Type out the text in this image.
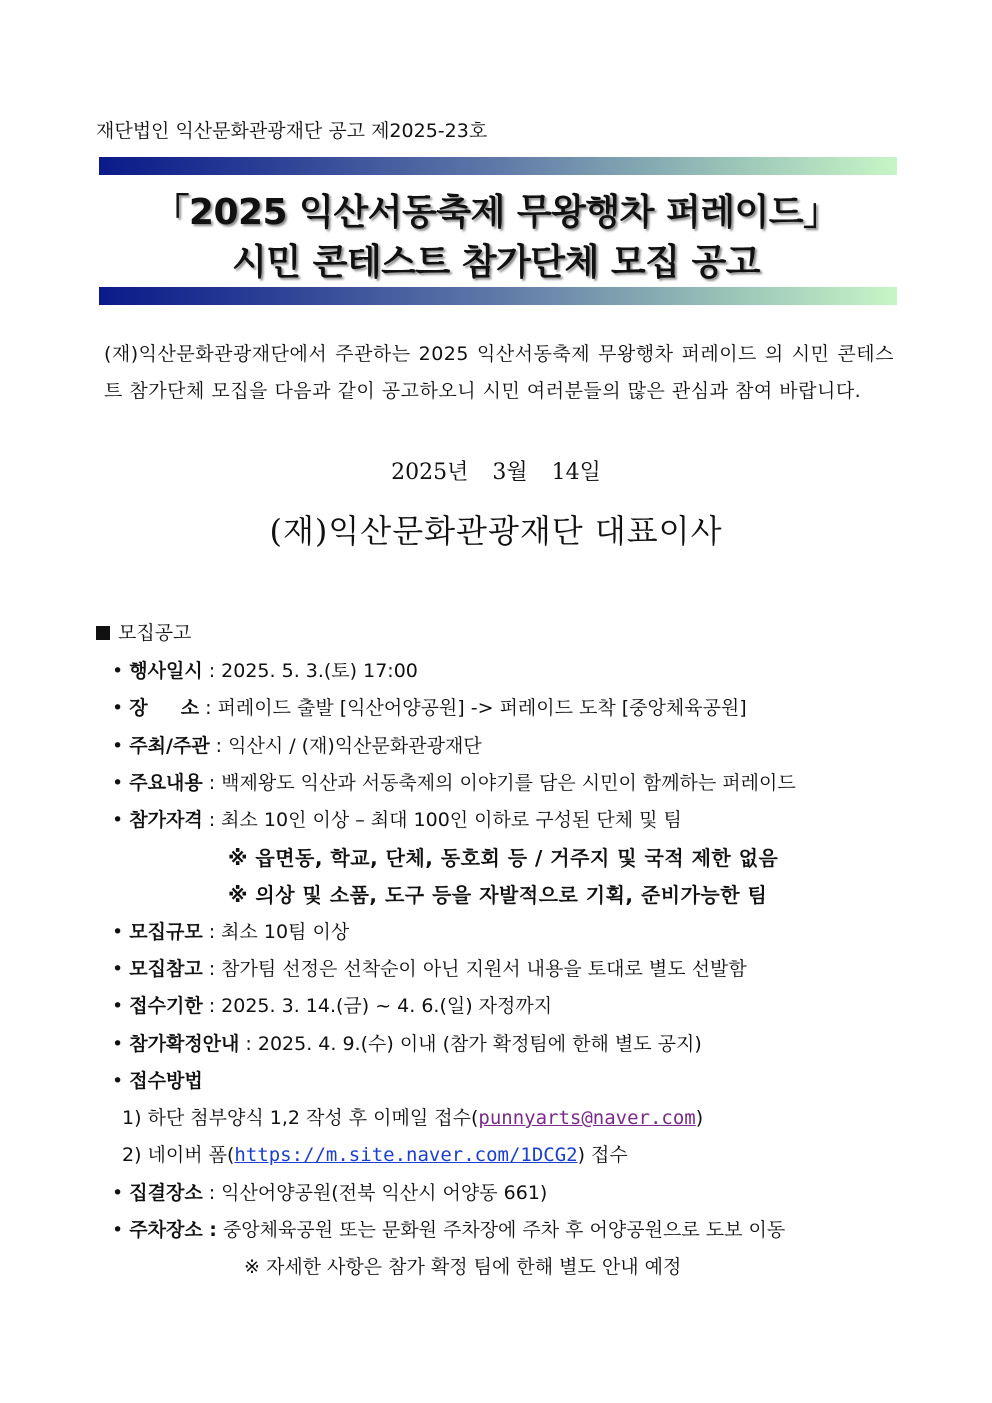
재단법인 익산문화관광재단 공고 제2025-23호
「2025 익산서동축제 무왕행차 퍼레이드」
시민 콘테스트 참가단체 모집 공고
(재)익산문화관광재단에서 주관하는 2025 익산서동축제 무왕행차 퍼레이드 의 시민 콘테스트 참가단체 모집을 다음과 같이 공고하오니 시민 여러분들의 많은 관심과 참여 바랍니다.
2025년 3월 14일
(재)익산문화관광재단 대표이사
모집공고
• 행사일시 : 2025. 5. 3.(토) 17:00
• 장     소 : 퍼레이드 출발 [익산어양공원] -> 퍼레이드 도착 [중앙체육공원]
• 주최/주관 : 익산시 / (재)익산문화관광재단
• 주요내용 : 백제왕도 익산과 서동축제의 이야기를 담은 시민이 함께하는 퍼레이드
• 참가자격 : 최소 10인 이상 – 최대 100인 이하로 구성된 단체 및 팀
※ 읍면동, 학교, 단체, 동호회 등 / 거주지 및 국적 제한 없음
※ 의상 및 소품, 도구 등을 자발적으로 기획, 준비가능한 팀
• 모집규모 : 최소 10팀 이상
• 모집참고 : 참가팀 선정은 선착순이 아닌 지원서 내용을 토대로 별도 선발함
• 접수기한 : 2025. 3. 14.(금) ~ 4. 6.(일) 자정까지
• 참가확정안내 : 2025. 4. 9.(수) 이내 (참가 확정팀에 한해 별도 공지)
• 접수방법
1) 하단 첨부양식 1,2 작성 후 이메일 접수(punnyarts@naver.com)
2) 네이버 폼(https://m.site.naver.com/1DCG2) 접수
• 집결장소 : 익산어양공원(전북 익산시 어양동 661)
• 주차장소 : 중앙체육공원 또는 문화원 주차장에 주차 후 어양공원으로 도보 이동
※ 자세한 사항은 참가 확정 팀에 한해 별도 안내 예정
